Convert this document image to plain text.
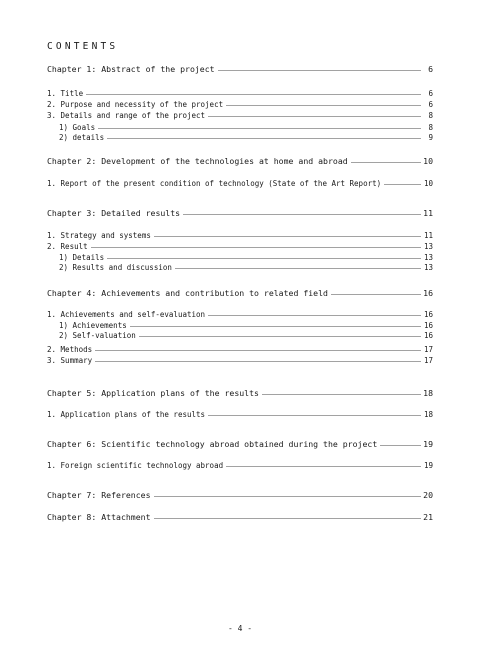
CONTENTS
Chapter 1: Abstract of the project	6
1. Title	6
2. Purpose and necessity of the project	6
3. Details and range of the project	8
1) Goals	8
2) details	9
Chapter 2: Development of the technologies at home and abroad	10
1. Report of the present condition of technology (State of the Art Report)	10
Chapter 3: Detailed results	11
1. Strategy and systems	11
2. Result	13
1) Details	13
2) Results and discussion	13
Chapter 4: Achievements and contribution to related field	16
1. Achievements and self-evaluation	16
1) Achievements	16
2) Self-valuation	16
2. Methods	17
3. Summary	17
Chapter 5: Application plans of the results	18
1. Application plans of the results	18
Chapter 6: Scientific technology abroad obtained during the project	19
1. Foreign scientific technology abroad	19
Chapter 7: References	20
Chapter 8: Attachment	21
- 4 -
